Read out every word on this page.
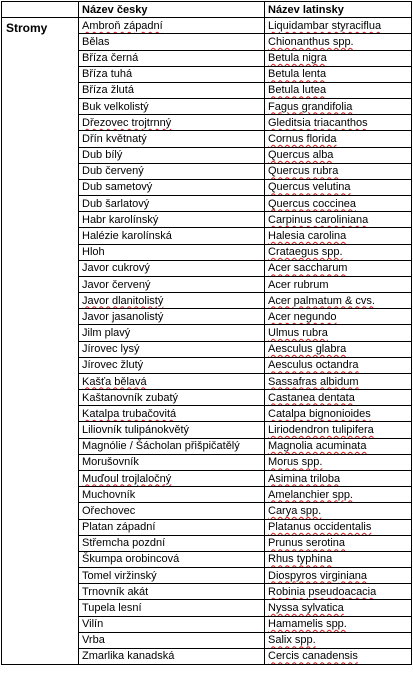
	Název česky	Název latinsky
Stromy	Ambroň západní	Liquidambar styraciflua
	Bělas	Chionanthus spp.
	Bříza černá	Betula nigra
	Bříza tuhá	Betula lenta
	Bříza žlutá	Betula lutea
	Buk velkolistý	Fagus grandifolia
	Dřezovec trojtrnný	Gleditsia triacanthos
	Dřín květnatý	Cornus florida
	Dub bílý	Quercus alba
	Dub červený	Quercus rubra
	Dub sametový	Quercus velutina
	Dub šarlatový	Quercus coccinea
	Habr karolínský	Carpinus caroliniana
	Halézie karolínská	Halesia carolina
	Hloh	Crataegus spp.
	Javor cukrový	Acer saccharum
	Javor červený	Acer rubrum
	Javor dlanitolistý	Acer palmatum & cvs.
	Javor jasanolistý	Acer negundo
	Jilm plavý	Ulmus rubra
	Jírovec lysý	Aesculus glabra
	Jírovec žlutý	Aesculus octandra
	Kašťa bělavá	Sassafras albidum
	Kaštanovník zubatý	Castanea dentata
	Katalpa trubačovitá	Catalpa bignonioides
	Liliovník tulipánokvětý	Liriodendron tulipifera
	Magnólie / Šácholan přišpičatělý	Magnolia acuminata
	Morušovník	Morus spp.
	Muďoul trojlaločný	Asimina triloba
	Muchovník	Amelanchier spp.
	Ořechovec	Carya spp.
	Platan západní	Platanus occidentalis
	Střemcha pozdní	Prunus serotina
	Škumpa orobincová	Rhus typhina
	Tomel viržinský	Diospyros virginiana
	Trnovník akát	Robinia pseudoacacia
	Tupela lesní	Nyssa sylvatica
	Vilín	Hamamelis spp.
	Vrba	Salix spp.
	Zmarlika kanadská	Cercis canadensis
